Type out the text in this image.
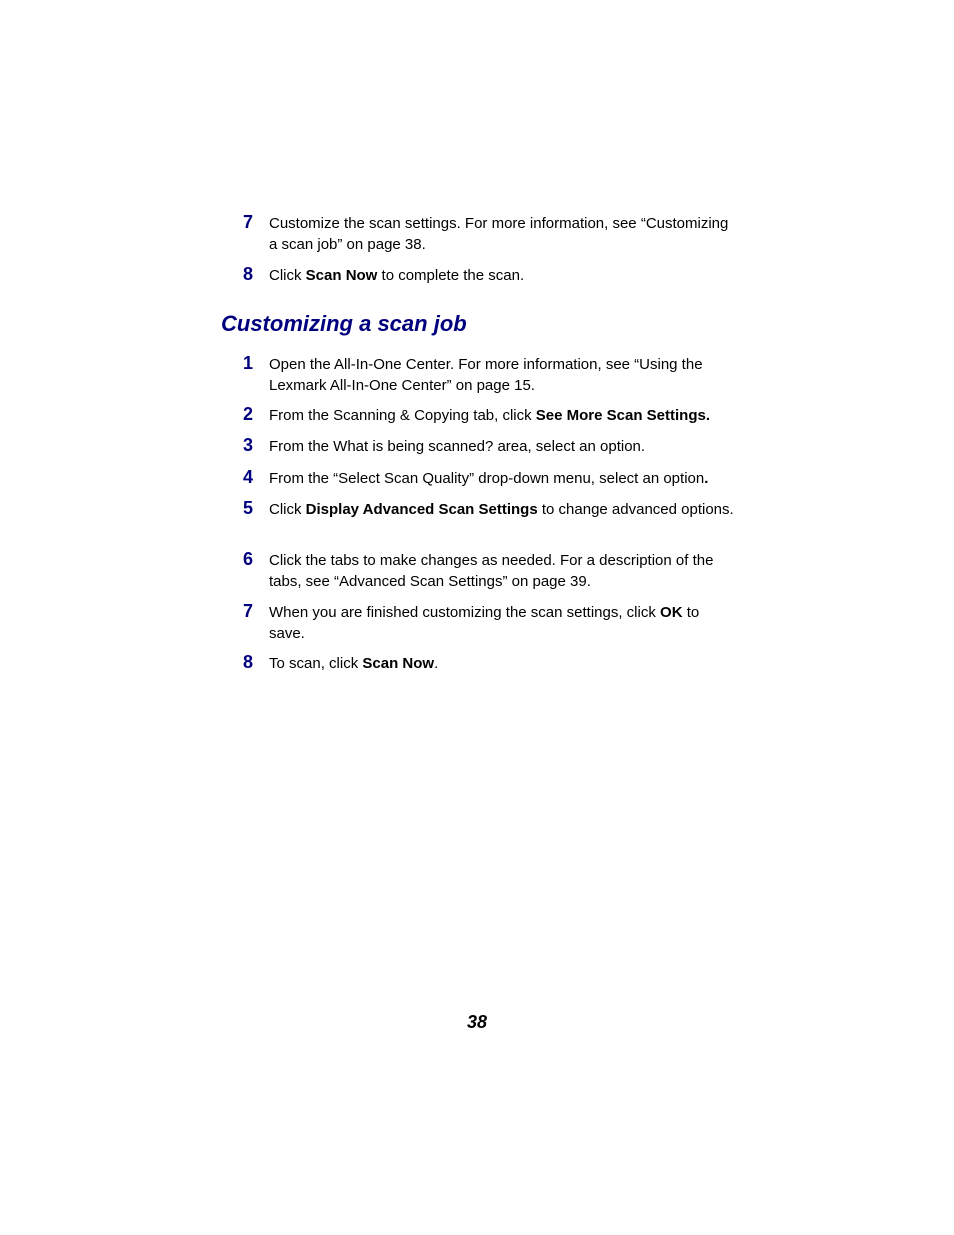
7	Customize the scan settings. For more information, see “Customizing a scan job” on page 38.
8	Click Scan Now to complete the scan.
Customizing a scan job
1	Open the All-In-One Center. For more information, see “Using the Lexmark All-In-One Center” on page 15.
2	From the Scanning & Copying tab, click See More Scan Settings.
3	From the What is being scanned? area, select an option.
4	From the “Select Scan Quality” drop-down menu, select an option.
5	Click Display Advanced Scan Settings to change advanced options.
6	Click the tabs to make changes as needed. For a description of the tabs, see “Advanced Scan Settings” on page 39.
7	When you are finished customizing the scan settings, click OK to save.
8	To scan, click Scan Now.
38
